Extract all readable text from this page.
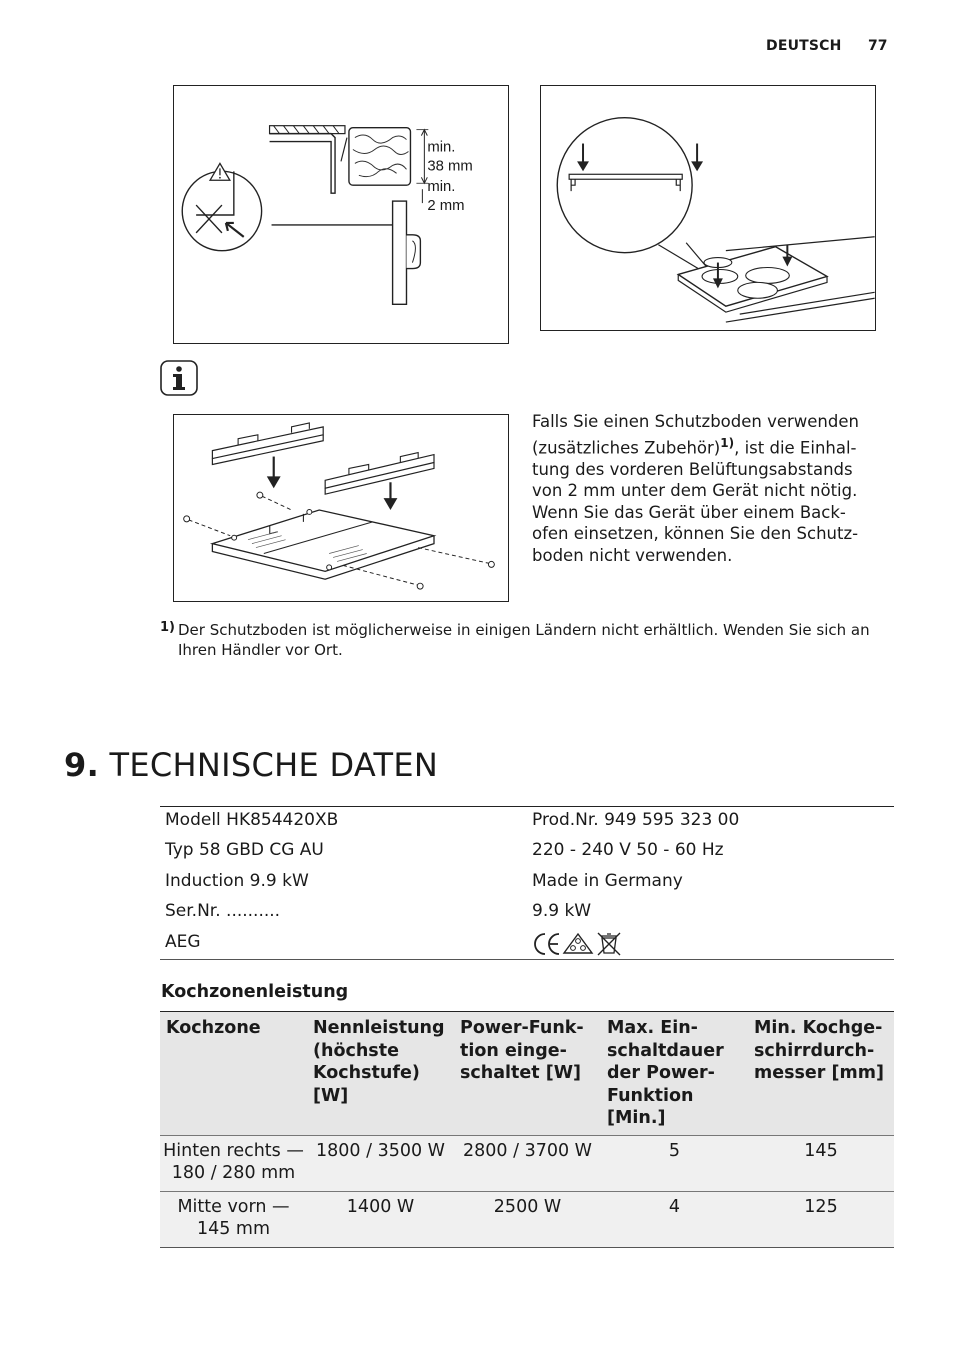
DEUTSCH 77
min.
38 mm
min.
2 mm
Falls Sie einen Schutzboden verwenden (zusätzliches Zubehör)$^{1)}$, ist die Einhal-tung des vorderen Belüftungsabstands von 2 mm unter dem Gerät nicht nötig. Wenn Sie das Gerät über einem Back-ofen einsetzen, können Sie den Schutz-boden nicht verwenden.
1) Der Schutzboden ist möglicherweise in einigen Ländern nicht erhältlich. Wenden Sie sich an Ihren Händler vor Ort.
9. TECHNISCHE DATEN
Modell HK854420XB	Prod.Nr. 949 595 323 00
Typ 58 GBD CG AU	220 - 240 V 50 - 60 Hz
Induction 9.9 kW	Made in Germany
Ser.Nr. ..........	9.9 kW
AEG
Kochzonenleistung
Kochzone	Nennleistung (höchste Kochstufe) [W]	Power-Funk-tion einge-schaltet [W]	Max. Ein-schaltdauer der Power-Funktion [Min.]	Min. Kochge-schirrdurch-messer [mm]
Hinten rechts —180 / 280 mm	1800 / 3500 W	2800 / 3700 W	5	145
Mitte vorn — 145 mm	1400 W	2500 W	4	125
